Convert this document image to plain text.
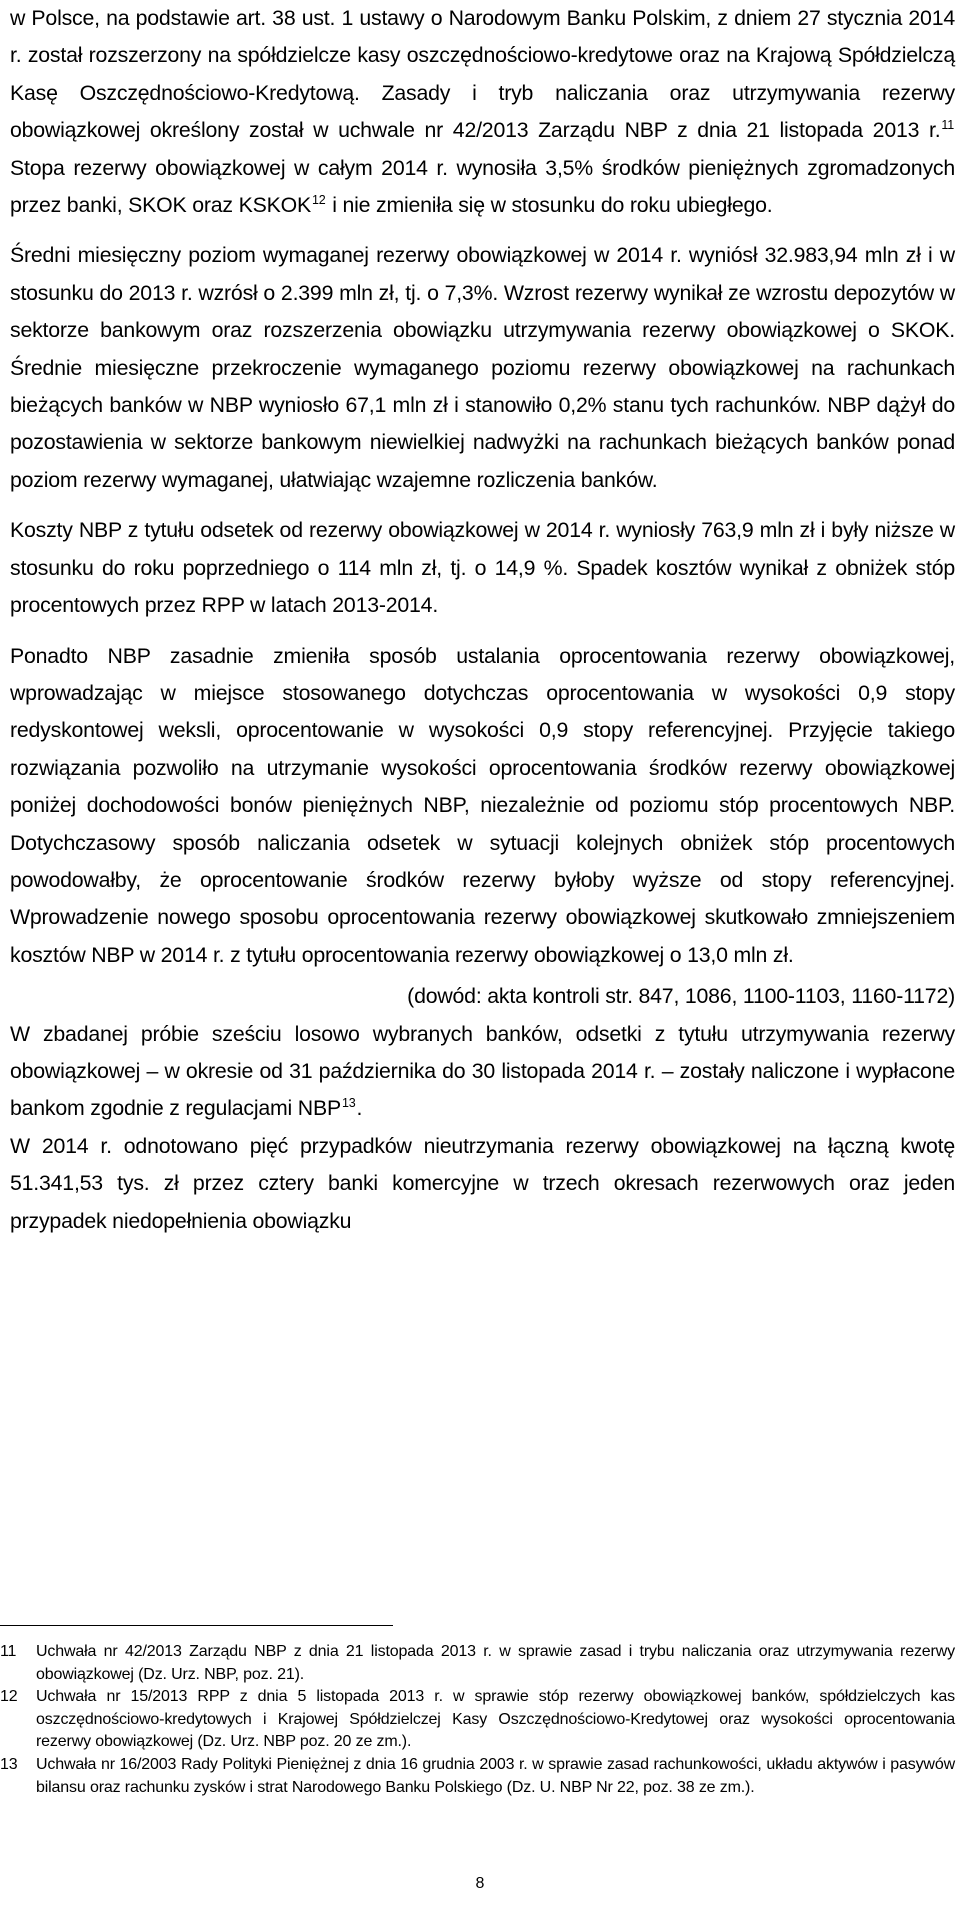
w Polsce, na podstawie art. 38 ust. 1 ustawy o Narodowym Banku Polskim, z dniem 27 stycznia 2014 r. został rozszerzony na spółdzielcze kasy oszczędnościowo-kredytowe oraz na Krajową Spółdzielczą Kasę Oszczędnościowo-Kredytową. Zasady i tryb naliczania oraz utrzymywania rezerwy obowiązkowej określony został w uchwale nr 42/2013 Zarządu NBP z dnia 21 listopada 2013 r.$^{11}$ Stopa rezerwy obowiązkowej w całym 2014 r. wynosiła 3,5% środków pieniężnych zgromadzonych przez banki, SKOK oraz KSKOK$^{12}$ i nie zmieniła się w stosunku do roku ubiegłego.

Średni miesięczny poziom wymaganej rezerwy obowiązkowej w 2014 r. wyniósł 32.983,94 mln zł i w stosunku do 2013 r. wzrósł o 2.399 mln zł, tj. o 7,3%. Wzrost rezerwy wynikał ze wzrostu depozytów w sektorze bankowym oraz rozszerzenia obowiązku utrzymywania rezerwy obowiązkowej o SKOK. Średnie miesięczne przekroczenie wymaganego poziomu rezerwy obowiązkowej na rachunkach bieżących banków w NBP wyniosło 67,1 mln zł i stanowiło 0,2% stanu tych rachunków. NBP dążył do pozostawienia w sektorze bankowym niewielkiej nadwyżki na rachunkach bieżących banków ponad poziom rezerwy wymaganej, ułatwiając wzajemne rozliczenia banków.

Koszty NBP z tytułu odsetek od rezerwy obowiązkowej w 2014 r. wyniosły 763,9 mln zł i były niższe w stosunku do roku poprzedniego o 114 mln zł, tj. o 14,9 %. Spadek kosztów wynikał z obniżek stóp procentowych przez RPP w latach 2013-2014.

Ponadto NBP zasadnie zmieniła sposób ustalania oprocentowania rezerwy obowiązkowej, wprowadzając w miejsce stosowanego dotychczas oprocentowania w wysokości 0,9 stopy redyskontowej weksli, oprocentowanie w wysokości 0,9 stopy referencyjnej. Przyjęcie takiego rozwiązania pozwoliło na utrzymanie wysokości oprocentowania środków rezerwy obowiązkowej poniżej dochodowości bonów pieniężnych NBP, niezależnie od poziomu stóp procentowych NBP. Dotychczasowy sposób naliczania odsetek w sytuacji kolejnych obniżek stóp procentowych powodowałby, że oprocentowanie środków rezerwy byłoby wyższe od stopy referencyjnej. Wprowadzenie nowego sposobu oprocentowania rezerwy obowiązkowej skutkowało zmniejszeniem kosztów NBP w 2014 r. z tytułu oprocentowania rezerwy obowiązkowej o 13,0 mln zł.

(dowód: akta kontroli str. 847, 1086, 1100-1103, 1160-1172)

W zbadanej próbie sześciu losowo wybranych banków, odsetki z tytułu utrzymywania rezerwy obowiązkowej – w okresie od 31 października do 30 listopada 2014 r. – zostały naliczone i wypłacone bankom zgodnie z regulacjami NBP$^{13}$.

W 2014 r. odnotowano pięć przypadków nieutrzymania rezerwy obowiązkowej na łączną kwotę 51.341,53 tys. zł przez cztery banki komercyjne w trzech okresach rezerwowych oraz jeden przypadek niedopełnienia obowiązku

11	Uchwała nr 42/2013 Zarządu NBP z dnia 21 listopada 2013 r. w sprawie zasad i trybu naliczania oraz utrzymywania rezerwy obowiązkowej (Dz. Urz. NBP, poz. 21).
12	Uchwała nr 15/2013 RPP z dnia 5 listopada 2013 r. w sprawie stóp rezerwy obowiązkowej banków, spółdzielczych kas oszczędnościowo-kredytowych i Krajowej Spółdzielczej Kasy Oszczędnościowo-Kredytowej oraz wysokości oprocentowania rezerwy obowiązkowej (Dz. Urz. NBP poz. 20 ze zm.).
13	Uchwała nr 16/2003 Rady Polityki Pieniężnej z dnia 16 grudnia 2003 r. w sprawie zasad rachunkowości, układu aktywów i pasywów bilansu oraz rachunku zysków i strat Narodowego Banku Polskiego (Dz. U. NBP Nr 22, poz. 38 ze zm.).
8
